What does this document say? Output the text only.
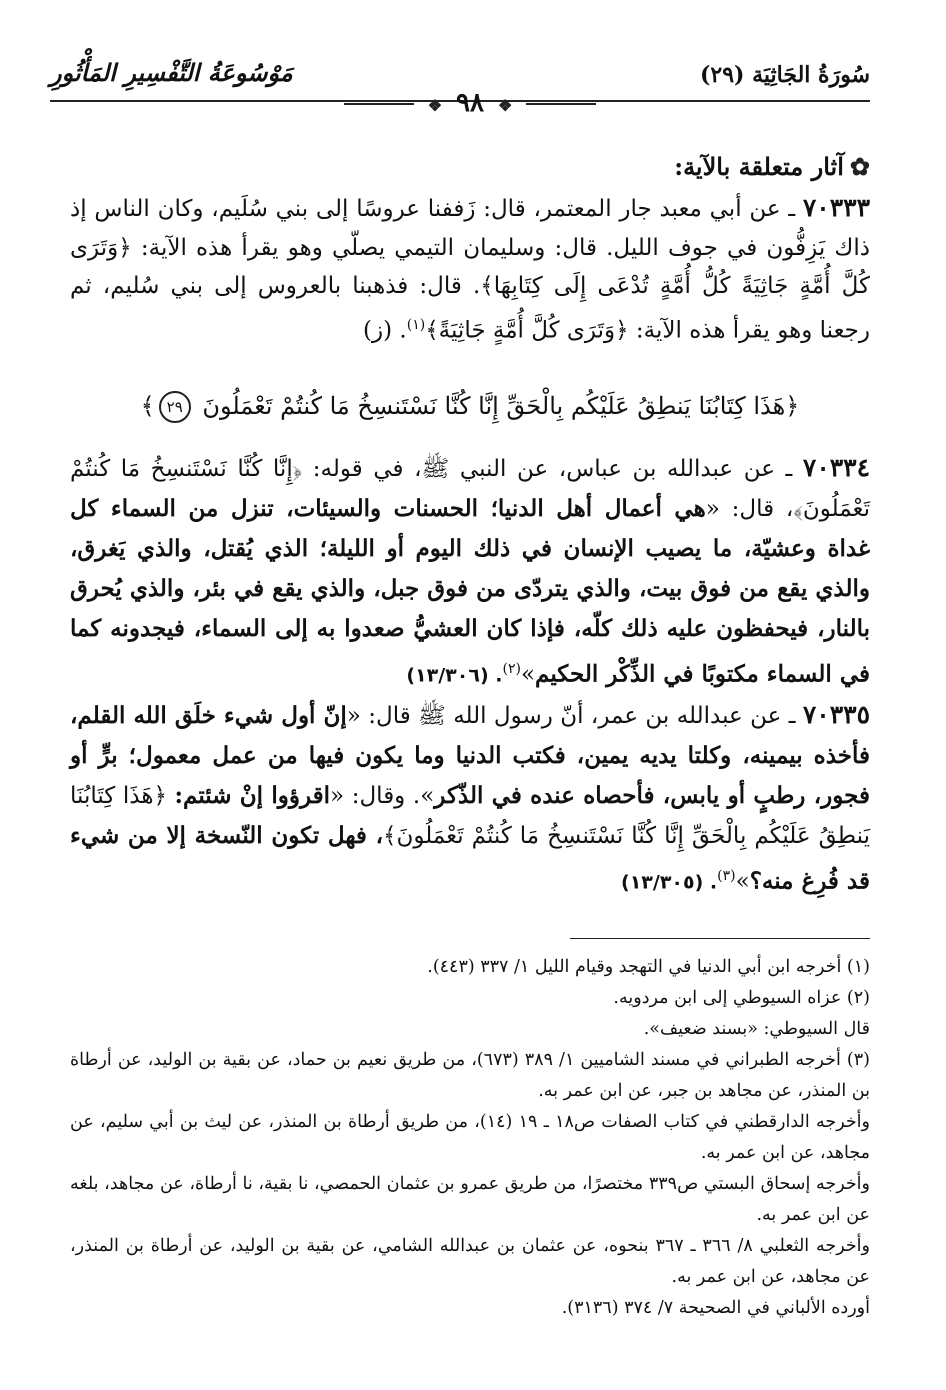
سُورَةُ الجَاثِيَة (٢٩)
مَوْسُوعَةُ التَّفْسِيرِ المَأْثُورِ
❖ ٩٨ ❖

✿آثار متعلقة بالآية:

٧٠٣٣٣ ـ عن أبي معبد جار المعتمر، قال: زَففنا عروسًا إلى بني سُلَيم، وكان الناس إذ ذاك يَزِفُّون في جوف الليل. قال: وسليمان التيمي يصلّي وهو يقرأ هذه الآية: ﴿وَتَرَى كُلَّ أُمَّةٍ جَاثِيَةً كُلُّ أُمَّةٍ تُدْعَى إِلَى كِتَابِهَا﴾. قال: فذهبنا بالعروس إلى بني سُليم، ثم رجعنا وهو يقرأ هذه الآية: ﴿وَتَرَى كُلَّ أُمَّةٍ جَاثِيَةً﴾$^{(١)}$. (ز)

﴿هَذَا كِتَابُنَا يَنطِقُ عَلَيْكُم بِالْحَقِّ إِنَّا كُنَّا نَسْتَنسِخُ مَا كُنتُمْ تَعْمَلُونَ ٢٩﴾

٧٠٣٣٤ ـ عن عبدالله بن عباس، عن النبي ﷺ، في قوله: ﴿إِنَّا كُنَّا نَسْتَنسِخُ مَا كُنتُمْ تَعْمَلُونَ﴾، قال: «هي أعمال أهل الدنيا؛ الحسنات والسيئات، تنزل من السماء كل غداة وعشيّة، ما يصيب الإنسان في ذلك اليوم أو الليلة؛ الذي يُقتل، والذي يَغرق، والذي يقع من فوق بيت، والذي يتردّى من فوق جبل، والذي يقع في بئر، والذي يُحرق بالنار، فيحفظون عليه ذلك كلّه، فإذا كان العشيُّ صعدوا به إلى السماء، فيجدونه كما في السماء مكتوبًا في الذِّكْر الحكيم»$^{(٢)}$. (١٣/٣٠٦)

٧٠٣٣٥ ـ عن عبدالله بن عمر، أنّ رسول الله ﷺ قال: «إنّ أول شيء خلَق الله القلم، فأخذه بيمينه، وكلتا يديه يمين، فكتب الدنيا وما يكون فيها من عمل معمول؛ برٍّ أو فجور، رطبٍ أو يابس، فأحصاه عنده في الذّكر». وقال: «اقرؤوا إنْ شئتم: ﴿هَذَا كِتَابُنَا يَنطِقُ عَلَيْكُم بِالْحَقِّ إِنَّا كُنَّا نَسْتَنسِخُ مَا كُنتُمْ تَعْمَلُونَ﴾، فهل تكون النّسخة إلا من شيء قد فُرِغ منه؟»$^{(٣)}$. (١٣/٣٠٥)

(١) أخرجه ابن أبي الدنيا في التهجد وقيام الليل ١/ ٣٣٧ (٤٤٣).

(٢) عزاه السيوطي إلى ابن مردويه.

قال السيوطي: «بسند ضعيف».

(٣) أخرجه الطبراني في مسند الشاميين ١/ ٣٨٩ (٦٧٣)، من طريق نعيم بن حماد، عن بقية بن الوليد، عن أرطاة بن المنذر، عن مجاهد بن جبر، عن ابن عمر به.

وأخرجه الدارقطني في كتاب الصفات ص١٨ ـ ١٩ (١٤)، من طريق أرطاة بن المنذر، عن ليث بن أبي سليم، عن مجاهد، عن ابن عمر به.

وأخرجه إسحاق البستي ص٣٣٩ مختصرًا، من طريق عمرو بن عثمان الحمصي، نا بقية، نا أرطاة، عن مجاهد، بلغه عن ابن عمر به.

وأخرجه الثعلبي ٨/ ٣٦٦ ـ ٣٦٧ بنحوه، عن عثمان بن عبدالله الشامي، عن بقية بن الوليد، عن أرطاة بن المنذر، عن مجاهد، عن ابن عمر به.

أورده الألباني في الصحيحة ٧/ ٣٧٤ (٣١٣٦).
